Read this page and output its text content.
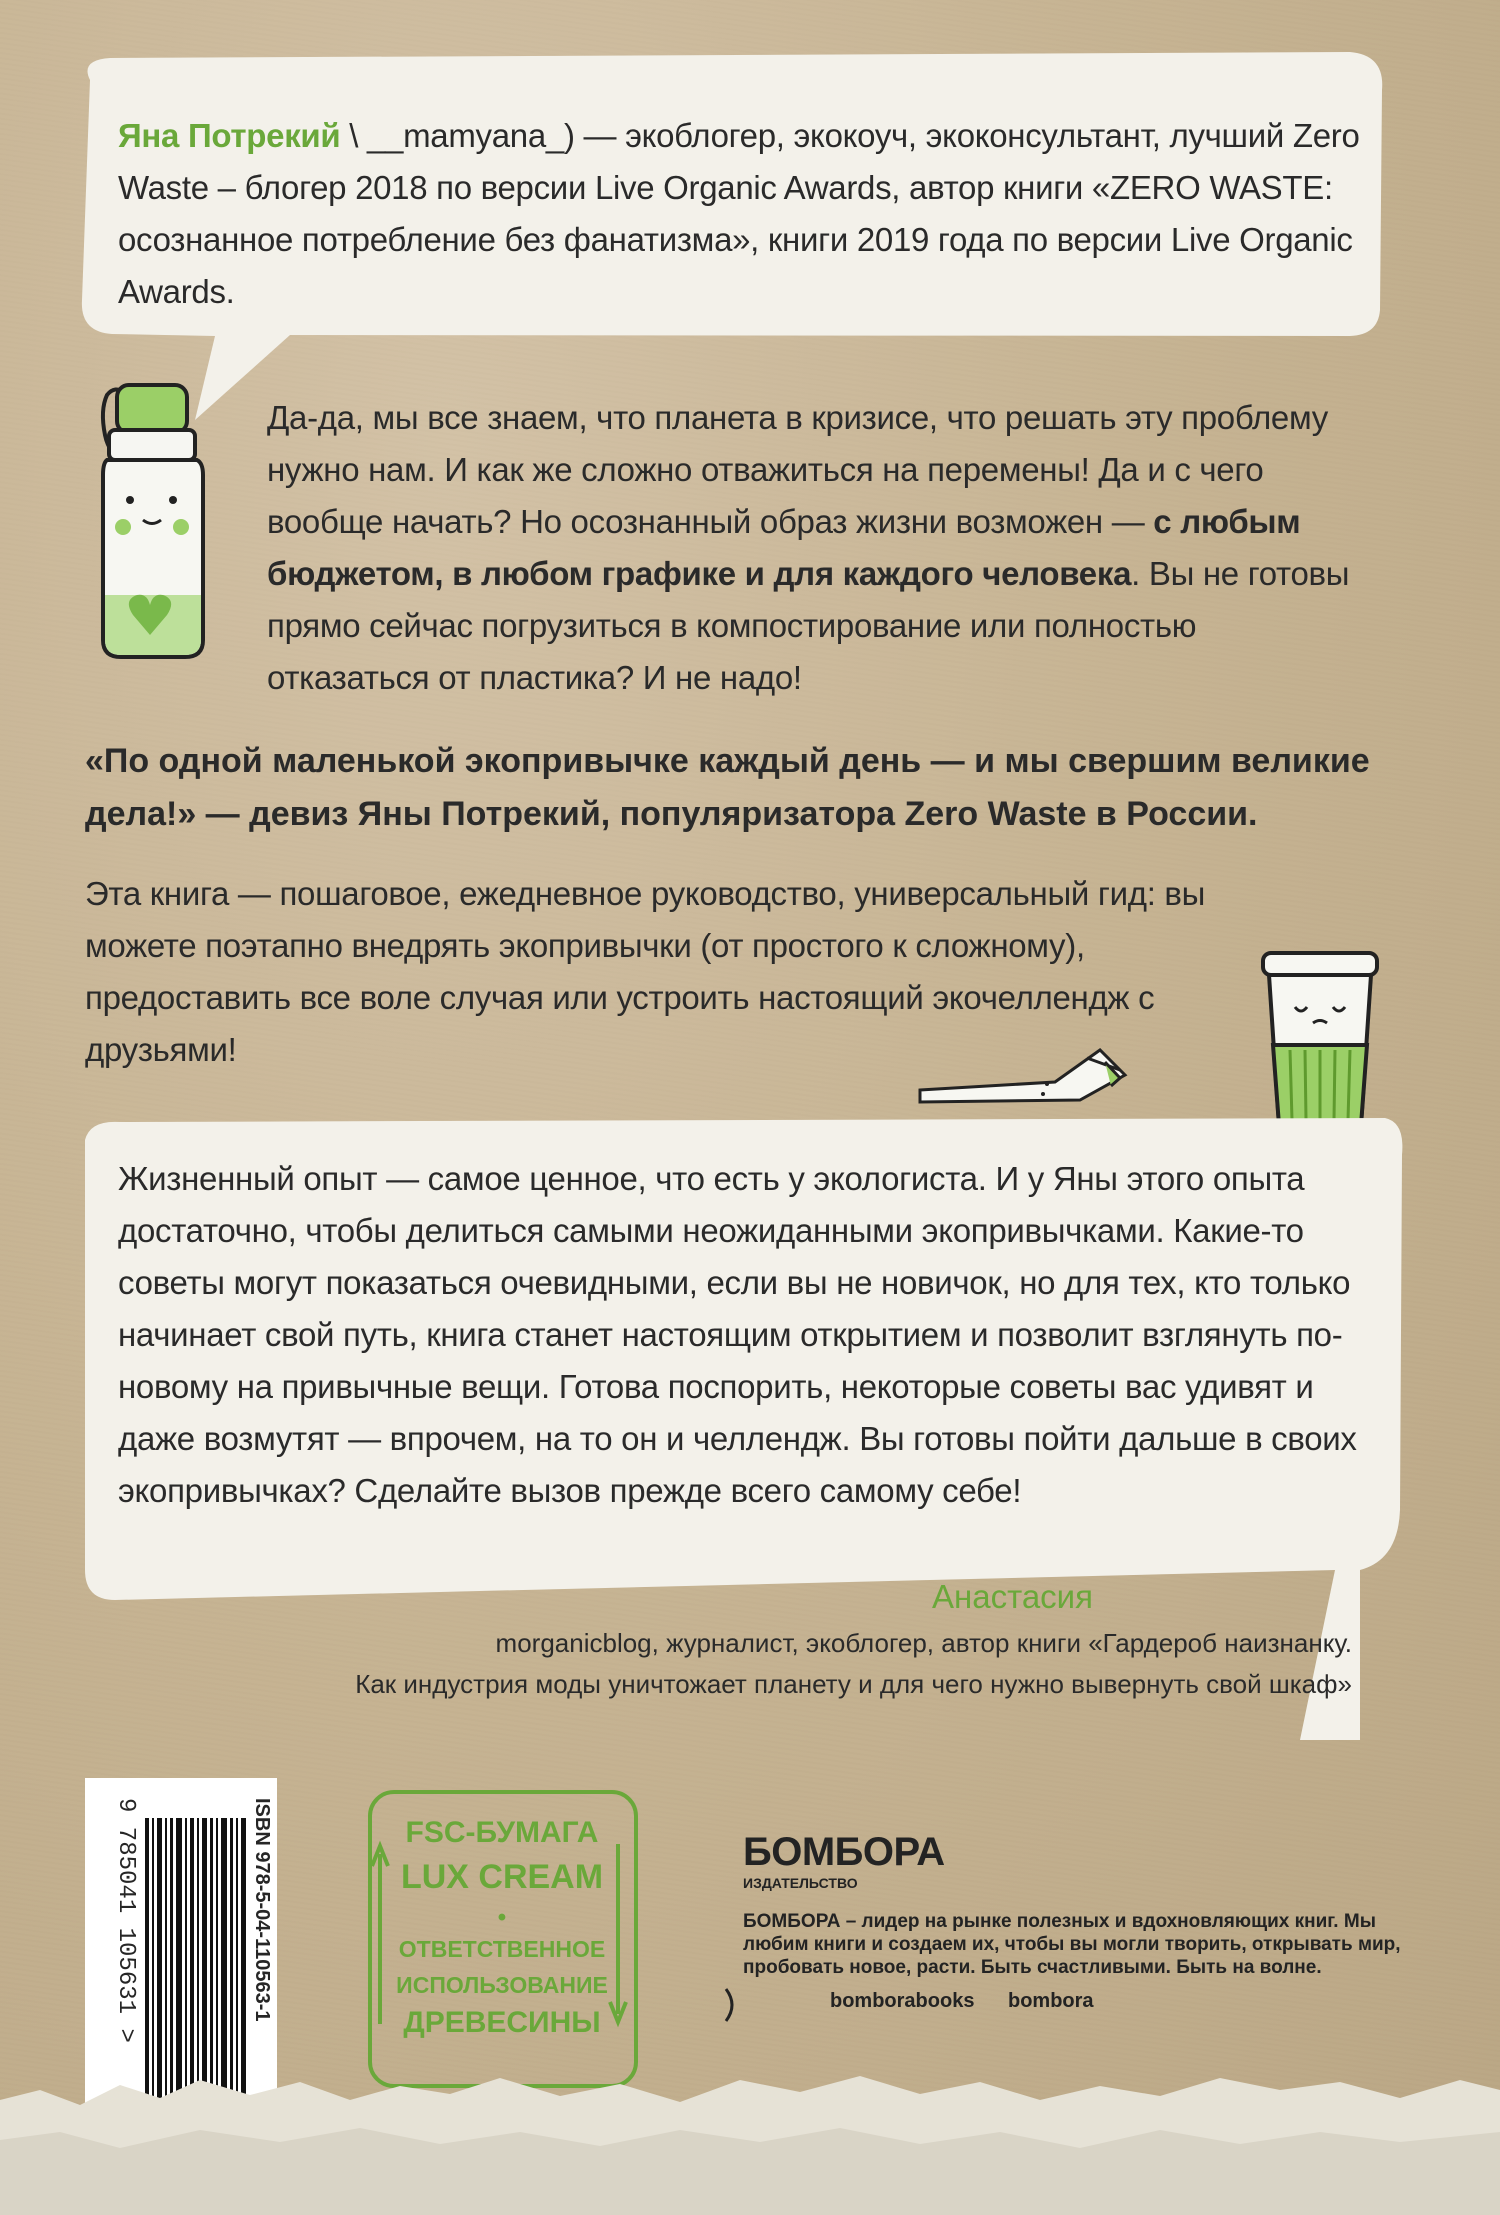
Яна Потрекий \ __mamyana_) — экоблогер, экокоуч, экоконсультант, лучший Zero Waste – блогер 2018 по версии Live Organic Awards, автор книги «ZERO WASTE: осознанное потребление без фанатизма», книги 2019 года по версии Live Organic Awards.
Да-да, мы все знаем, что планета в кризисе, что решать эту проблему нужно нам. И как же сложно отважиться на перемены! Да и с чего вообще начать? Но осознанный образ жизни возможен — с любым бюджетом, в любом графике и для каждого человека. Вы не готовы прямо сейчас погрузиться в компостирование или полностью отказаться от пластика? И не надо!
«По одной маленькой экопривычке каждый день — и мы свершим великие дела!» — девиз Яны Потрекий, популяризатора Zero Waste в России.
Эта книга — пошаговое, ежедневное руководство, универсальный гид: вы можете поэтапно внедрять экопривычки (от простого к сложному), предоставить все воле случая или устроить настоящий экочеллендж с друзьями!
Жизненный опыт — самое ценное, что есть у экологиста. И у Яны этого опыта достаточно, чтобы делиться самыми неожиданными экопривычками. Какие-то советы могут показаться очевидными, если вы не новичок, но для тех, кто только начинает свой путь, книга станет настоящим открытием и позволит взглянуть по-новому на привычные вещи. Готова поспорить, некоторые советы вас удивят и даже возмутят — впрочем, на то он и челлендж. Вы готовы пойти дальше в своих экопривычках? Сделайте вызов прежде всего самому себе!
Анастасия
morganicblog, журналист, экоблогер, автор книги «Гардероб наизнанку.
Как индустрия моды уничтожает планету и для чего нужно вывернуть свой шкаф»
ISBN 978-5-04-110563-1
9 785041 105631 >	FSC-БУМАГА
LUX CREAM
•
ОТВЕТСТВЕННОЕ
ИСПОЛЬЗОВАНИЕ
ДРЕВЕСИНЫ
БОМБОРА
ИЗДАТЕЛЬСТВО
БОМБОРА – лидер на рынке полезных и вдохновляющих книг. Мы любим книги и создаем их, чтобы вы могли творить, открывать мир, пробовать новое, расти. Быть счастливыми. Быть на волне.
bomborabooks bombora
